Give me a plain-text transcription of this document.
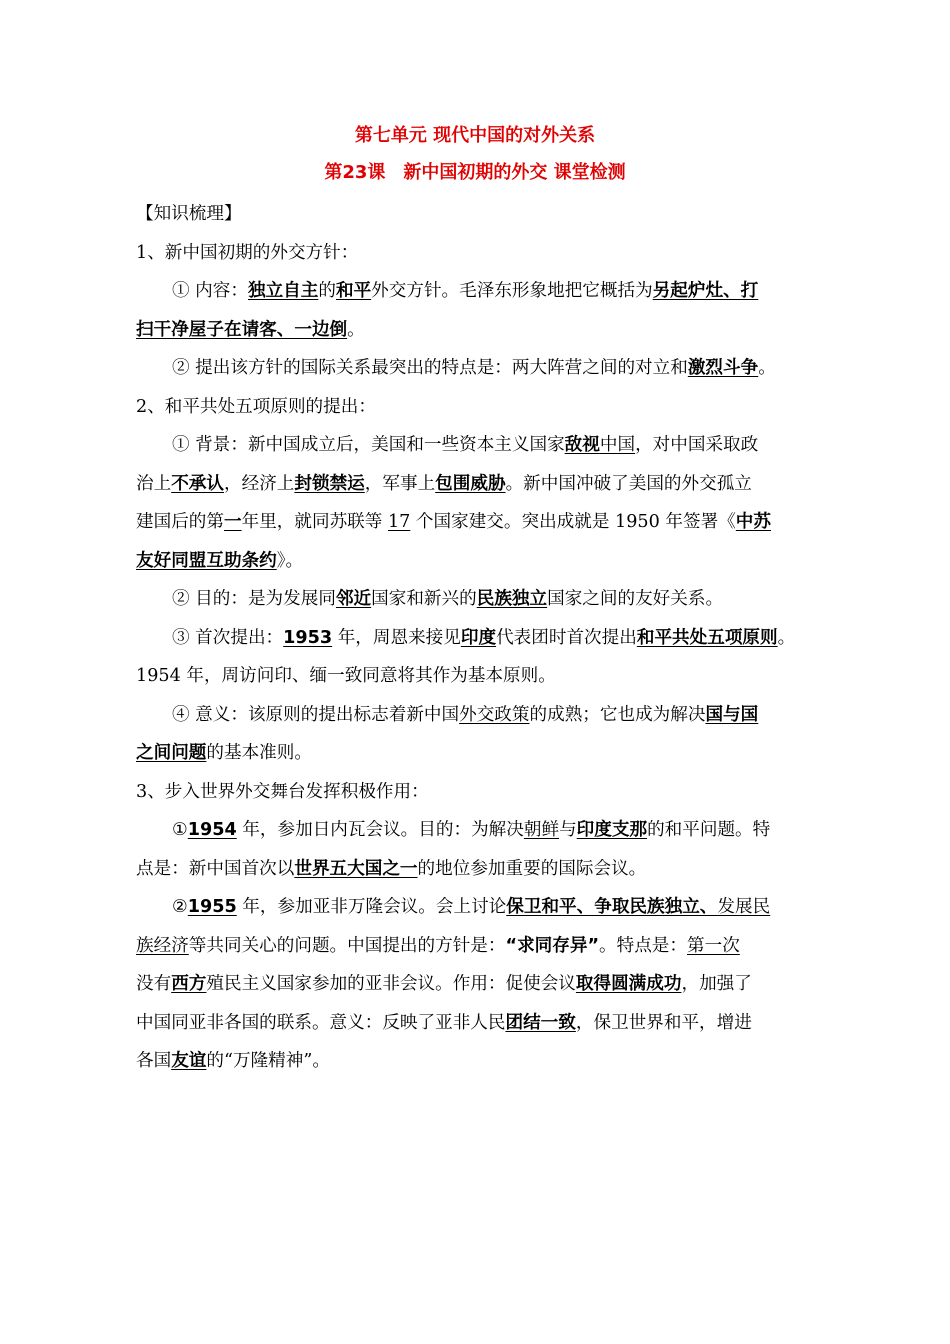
第七单元 现代中国的对外关系
第23课　新中国初期的外交 课堂检测
【知识梳理】
1、新中国初期的外交方针：
① 内容：独立自主的和平外交方针。毛泽东形象地把它概括为另起炉灶、打
扫干净屋子在请客、一边倒。
② 提出该方针的国际关系最突出的特点是：两大阵营之间的对立和激烈斗争。
2、和平共处五项原则的提出：
① 背景：新中国成立后，美国和一些资本主义国家敌视中国，对中国采取政
治上不承认，经济上封锁禁运，军事上包围威胁。新中国冲破了美国的外交孤立
建国后的第一年里，就同苏联等 17 个国家建交。突出成就是 1950 年签署《中苏
友好同盟互助条约》。
② 目的：是为发展同邻近国家和新兴的民族独立国家之间的友好关系。
③ 首次提出：1953 年，周恩来接见印度代表团时首次提出和平共处五项原则。
1954 年，周访问印、缅一致同意将其作为基本原则。
④ 意义：该原则的提出标志着新中国外交政策的成熟；它也成为解决国与国
之间问题的基本准则。
3、步入世界外交舞台发挥积极作用：
①1954 年，参加日内瓦会议。目的：为解决朝鲜与印度支那的和平问题。特
点是：新中国首次以世界五大国之一的地位参加重要的国际会议。
②1955 年，参加亚非万隆会议。会上讨论保卫和平、争取民族独立、发展民
族经济等共同关心的问题。中国提出的方针是：“求同存异”。特点是：第一次
没有西方殖民主义国家参加的亚非会议。作用：促使会议取得圆满成功，加强了
中国同亚非各国的联系。意义：反映了亚非人民团结一致，保卫世界和平，增进
各国友谊的“万隆精神”。
